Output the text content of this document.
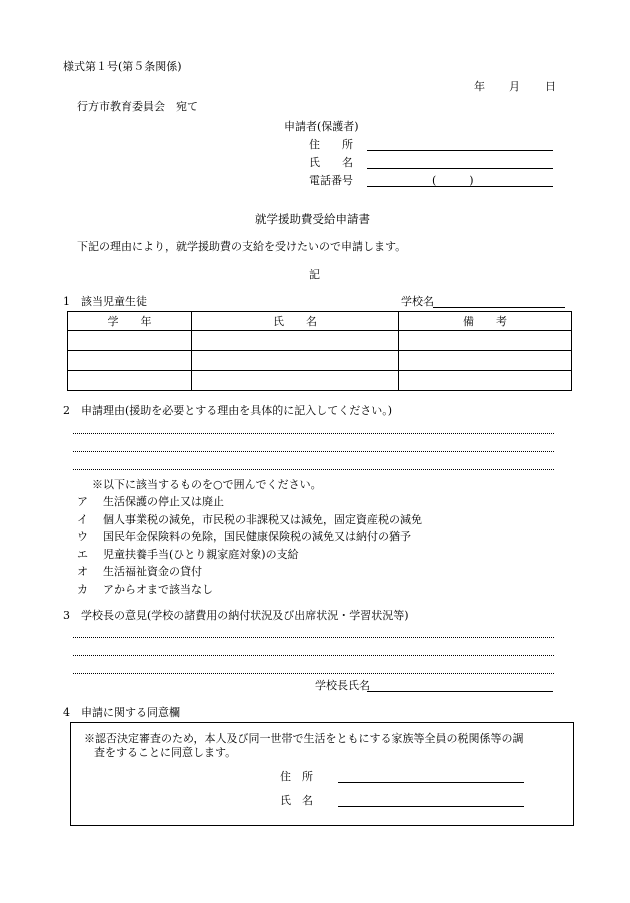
様式第１号(第５条関係)
年 月 日
行方市教育委員会　宛て
申請者(保護者)
住　　所
氏　　名
電話番号	(　　　)
就学援助費受給申請書
下記の理由により，就学援助費の支給を受けたいので申請します。
記
1　該当児童生徒	学校名
学　　年	氏　　名	備　　考

2　申請理由(援助を必要とする理由を具体的に記入してください。)
※以下に該当するものを○で囲んでください。
ア 生活保護の停止又は廃止
イ 個人事業税の減免，市民税の非課税又は減免，固定資産税の減免
ウ 国民年金保険料の免除，国民健康保険税の減免又は納付の猶予
エ 児童扶養手当(ひとり親家庭対象)の支給
オ 生活福祉資金の貸付
カ アからオまで該当なし
3　学校長の意見(学校の諸費用の納付状況及び出席状況・学習状況等)
学校長氏名
4　申請に関する同意欄
※認否決定審査のため，本人及び同一世帯で生活をともにする家族等全員の税関係等の調
査をすることに同意します。
住　所
氏　名
